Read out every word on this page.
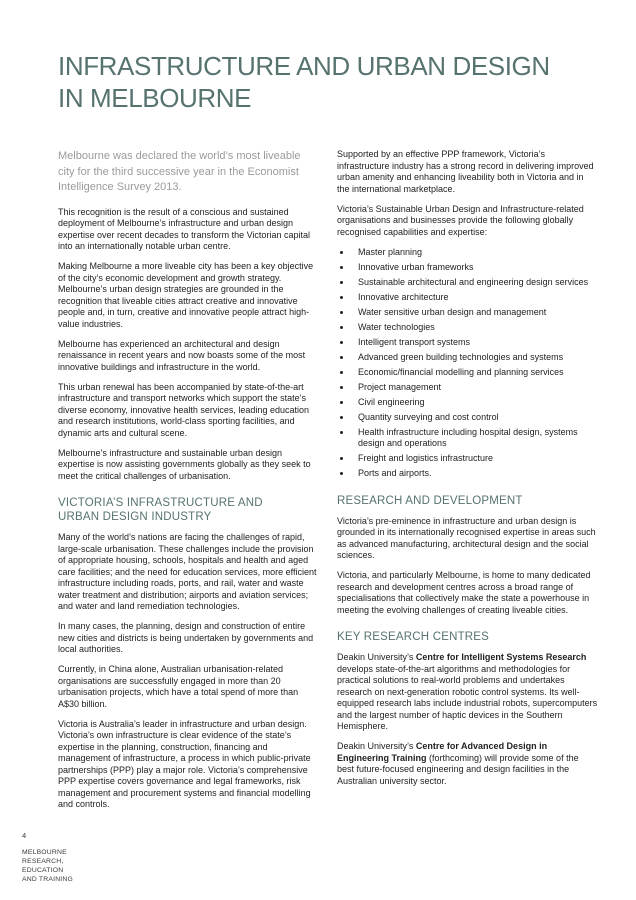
INFRASTRUCTURE AND URBAN DESIGN
IN MELBOURNE

Melbourne was declared the world’s most liveable city for the third successive year in the Economist Intelligence Survey 2013.

This recognition is the result of a conscious and sustained deployment of Melbourne’s infrastructure and urban design expertise over recent decades to transform the Victorian capital into an internationally notable urban centre.

Making Melbourne a more liveable city has been a key objective of the city’s economic development and growth strategy. Melbourne’s urban design strategies are grounded in the recognition that liveable cities attract creative and innovative people and, in turn, creative and innovative people attract high-value industries.

Melbourne has experienced an architectural and design renaissance in recent years and now boasts some of the most innovative buildings and infrastructure in the world.

This urban renewal has been accompanied by state-of-the-art infrastructure and transport networks which support the state’s diverse economy, innovative health services, leading education and research institutions, world-class sporting facilities, and dynamic arts and cultural scene.

Melbourne’s infrastructure and sustainable urban design expertise is now assisting governments globally as they seek to meet the critical challenges of urbanisation.

VICTORIA’S INFRASTRUCTURE AND
URBAN DESIGN INDUSTRY

Many of the world’s nations are facing the challenges of rapid, large-scale urbanisation. These challenges include the provision of appropriate housing, schools, hospitals and health and aged care facilities; and the need for education services, more efficient infrastructure including roads, ports, and rail, water and waste water treatment and distribution; airports and aviation services; and water and land remediation technologies.

In many cases, the planning, design and construction of entire new cities and districts is being undertaken by governments and local authorities.

Currently, in China alone, Australian urbanisation-related organisations are successfully engaged in more than 20 urbanisation projects, which have a total spend of more than A$30 billion.

Victoria is Australia’s leader in infrastructure and urban design. Victoria’s own infrastructure is clear evidence of the state’s expertise in the planning, construction, financing and management of infrastructure, a process in which public-private partnerships (PPP) play a major role. Victoria’s comprehensive PPP expertise covers governance and legal frameworks, risk management and procurement systems and financial modelling and controls.

Supported by an effective PPP framework, Victoria’s infrastructure industry has a strong record in delivering improved urban amenity and enhancing liveability both in Victoria and in the international marketplace.

Victoria’s Sustainable Urban Design and Infrastructure-related organisations and businesses provide the following globally recognised capabilities and expertise:

Master planning
Innovative urban frameworks
Sustainable architectural and engineering design services
Innovative architecture
Water sensitive urban design and management
Water technologies
Intelligent transport systems
Advanced green building technologies and systems
Economic/financial modelling and planning services
Project management
Civil engineering
Quantity surveying and cost control
Health infrastructure including hospital design, systems design and operations
Freight and logistics infrastructure
Ports and airports.
RESEARCH AND DEVELOPMENT

Victoria’s pre-eminence in infrastructure and urban design is grounded in its internationally recognised expertise in areas such as advanced manufacturing, architectural design and the social sciences.

Victoria, and particularly Melbourne, is home to many dedicated research and development centres across a broad range of specialisations that collectively make the state a powerhouse in meeting the evolving challenges of creating liveable cities.

KEY RESEARCH CENTRES

Deakin University’s Centre for Intelligent Systems Research develops state-of-the-art algorithms and methodologies for practical solutions to real-world problems and undertakes research on next-generation robotic control systems. Its well-equipped research labs include industrial robots, supercomputers and the largest number of haptic devices in the Southern Hemisphere.

Deakin University’s Centre for Advanced Design in Engineering Training (forthcoming) will provide some of the best future-focused engineering and design facilities in the Australian university sector.

4
MELBOURNE
RESEARCH,
EDUCATION
AND TRAINING
